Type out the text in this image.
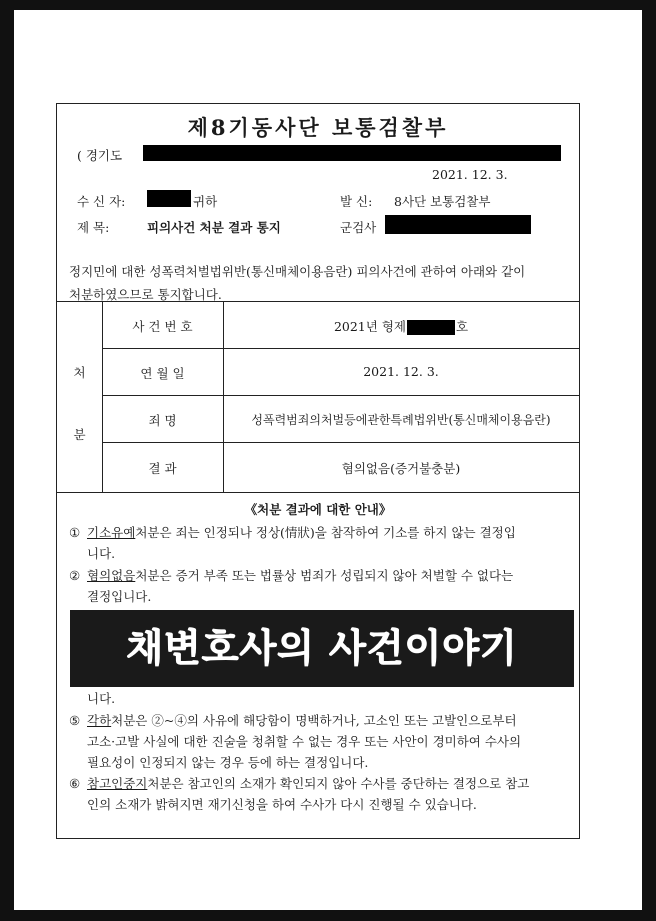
제8기동사단 보통검찰부
( 경기도
2021. 12. 3.
수 신 자:	귀하	발 신: 8사단 보통검찰부
제 목:	피의사건 처분 결과 통지	군검사
정지민에 대한 성폭력처벌법위반(통신매체이용음란) 피의사건에 관하여 아래와 같이
처분하였으므로 통지합니다.
처
분
사 건 번 호	2021년 형제	호
연 월 일	2021. 12. 3.
죄 명	성폭력범죄의처벌등에관한특례법위반(통신매체이용음란)
결 과	혐의없음(증거불충분)
《처분 결과에 대한 안내》
① 기소유예처분은 죄는 인정되나 정상(情狀)을 참작하여 기소를 하지 않는 결정입
니다.
② 혐의없음처분은 증거 부족 또는 법률상 범죄가 성립되지 않아 처벌할 수 없다는
결정입니다.
니다.
⑤ 각하처분은 ②~④의 사유에 해당함이 명백하거나, 고소인 또는 고발인으로부터
고소·고발 사실에 대한 진술을 청취할 수 없는 경우 또는 사안이 경미하여 수사의
필요성이 인정되지 않는 경우 등에 하는 결정입니다.
⑥ 참고인중지처분은 참고인의 소재가 확인되지 않아 수사를 중단하는 결정으로 참고
인의 소재가 밝혀지면 재기신청을 하여 수사가 다시 진행될 수 있습니다.
채변호사의 사건이야기
